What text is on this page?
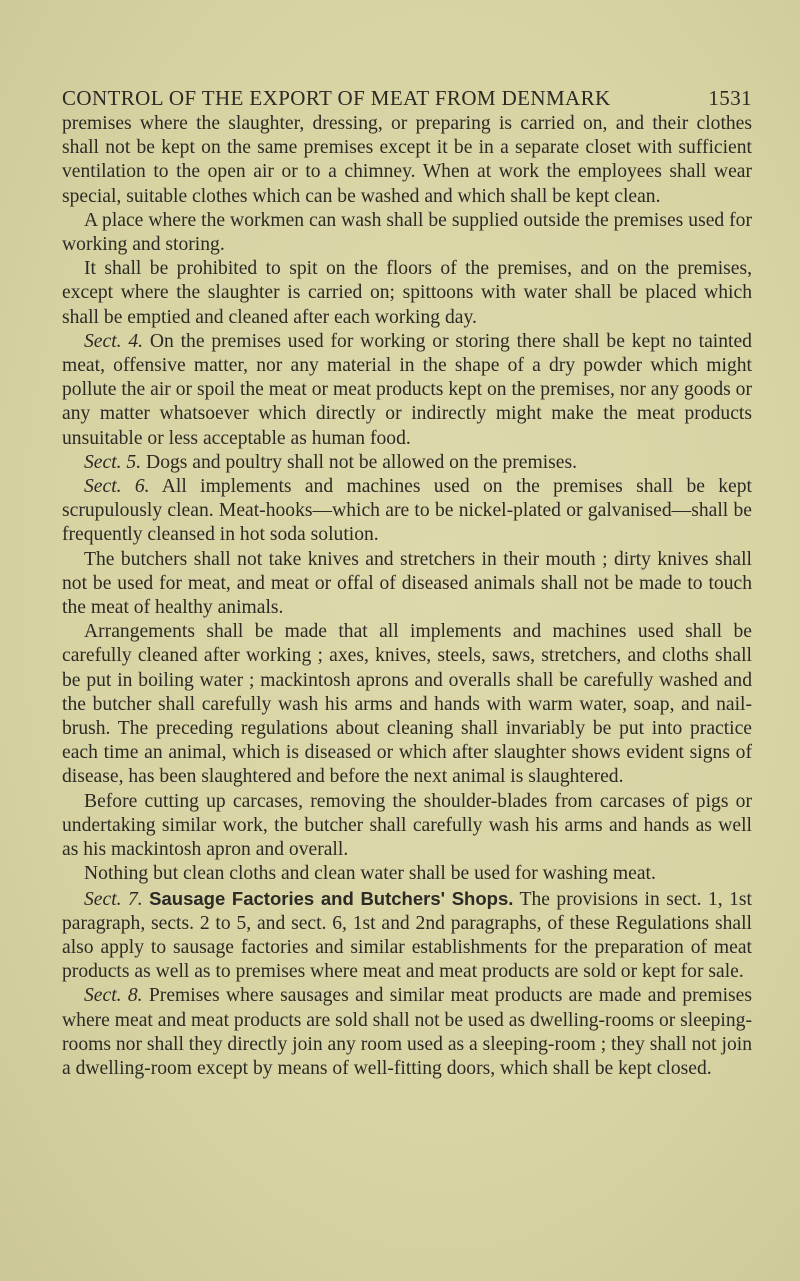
CONTROL OF THE EXPORT OF MEAT FROM DENMARK	1531

premises where the slaughter, dressing, or preparing is carried on, and their clothes shall not be kept on the same premises except it be in a separate closet with sufficient ventilation to the open air or to a chimney. When at work the employees shall wear special, suitable clothes which can be washed and which shall be kept clean.

A place where the workmen can wash shall be supplied outside the premises used for working and storing.

It shall be prohibited to spit on the floors of the premises, and on the premises, except where the slaughter is carried on; spittoons with water shall be placed which shall be emptied and cleaned after each working day.

Sect. 4. On the premises used for working or storing there shall be kept no tainted meat, offensive matter, nor any material in the shape of a dry powder which might pollute the air or spoil the meat or meat products kept on the premises, nor any goods or any matter whatsoever which directly or indirectly might make the meat products unsuitable or less acceptable as human food.

Sect. 5. Dogs and poultry shall not be allowed on the premises.

Sect. 6. All implements and machines used on the premises shall be kept scrupulously clean. Meat-hooks—which are to be nickel-plated or galvanised—shall be frequently cleansed in hot soda solution.

The butchers shall not take knives and stretchers in their mouth ; dirty knives shall not be used for meat, and meat or offal of diseased animals shall not be made to touch the meat of healthy animals.

Arrangements shall be made that all implements and machines used shall be carefully cleaned after working ; axes, knives, steels, saws, stretchers, and cloths shall be put in boiling water ; mackintosh aprons and overalls shall be carefully washed and the butcher shall carefully wash his arms and hands with warm water, soap, and nail-brush. The preceding regulations about cleaning shall invariably be put into practice each time an animal, which is diseased or which after slaughter shows evident signs of disease, has been slaughtered and before the next animal is slaughtered.

Before cutting up carcases, removing the shoulder-blades from carcases of pigs or undertaking similar work, the butcher shall carefully wash his arms and hands as well as his mackintosh apron and overall.

Nothing but clean cloths and clean water shall be used for washing meat.

Sect. 7. Sausage Factories and Butchers' Shops. The provisions in sect. 1, 1st paragraph, sects. 2 to 5, and sect. 6, 1st and 2nd paragraphs, of these Regulations shall also apply to sausage factories and similar establishments for the preparation of meat products as well as to premises where meat and meat products are sold or kept for sale.

Sect. 8. Premises where sausages and similar meat products are made and premises where meat and meat products are sold shall not be used as dwelling-rooms or sleeping-rooms nor shall they directly join any room used as a sleeping-room ; they shall not join a dwelling-room except by means of well-fitting doors, which shall be kept closed.
